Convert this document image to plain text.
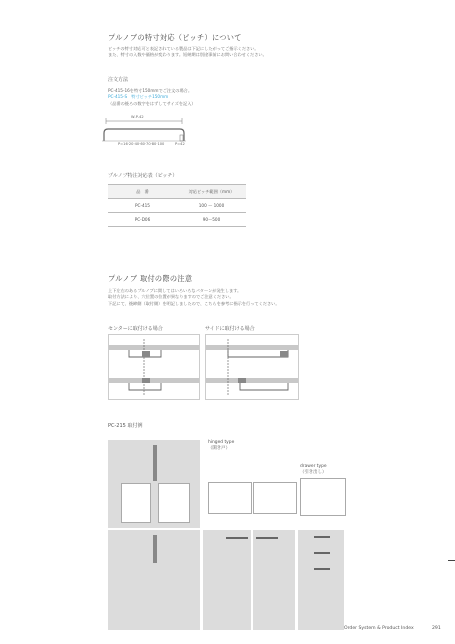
プルノブの特寸対応（ピッチ）について
ピッチの特寸対応可と表記されている製品は下記にしたがってご指示ください。
また、特寸の入数や価格が変わります。短納期は別途事前にお問い合わせください。
注文方法
PC-415-16を特寸150mmでご注文の場合。
PC-415-S　特寸ピッチ150mm
（品番の後ろの数字をはずしてサイズを記入）
W-P-42
P=16·20·40·60·70·80·100	P=42
プルノブ特注対応表（ピッチ）
品　番	対応ピッチ範囲（mm）
PC-415	100 〜 1000
PC-D06	90〜500
プルノブ 取付の際の注意
上下左右のあるプルノブに関してはいろいろなパターンが発生します。
取付方法により、穴位置の位置が異なりますのでご注意ください。
下記にて、後締側（取付側）を明記しましたので、こちらを参考に指示を行ってください。
センターに取付ける場合	サイドに取付ける場合
PC-215 取付例
hinged type
（開き戸）
drawer type
（引き出し）
Order System & Product Index	291
